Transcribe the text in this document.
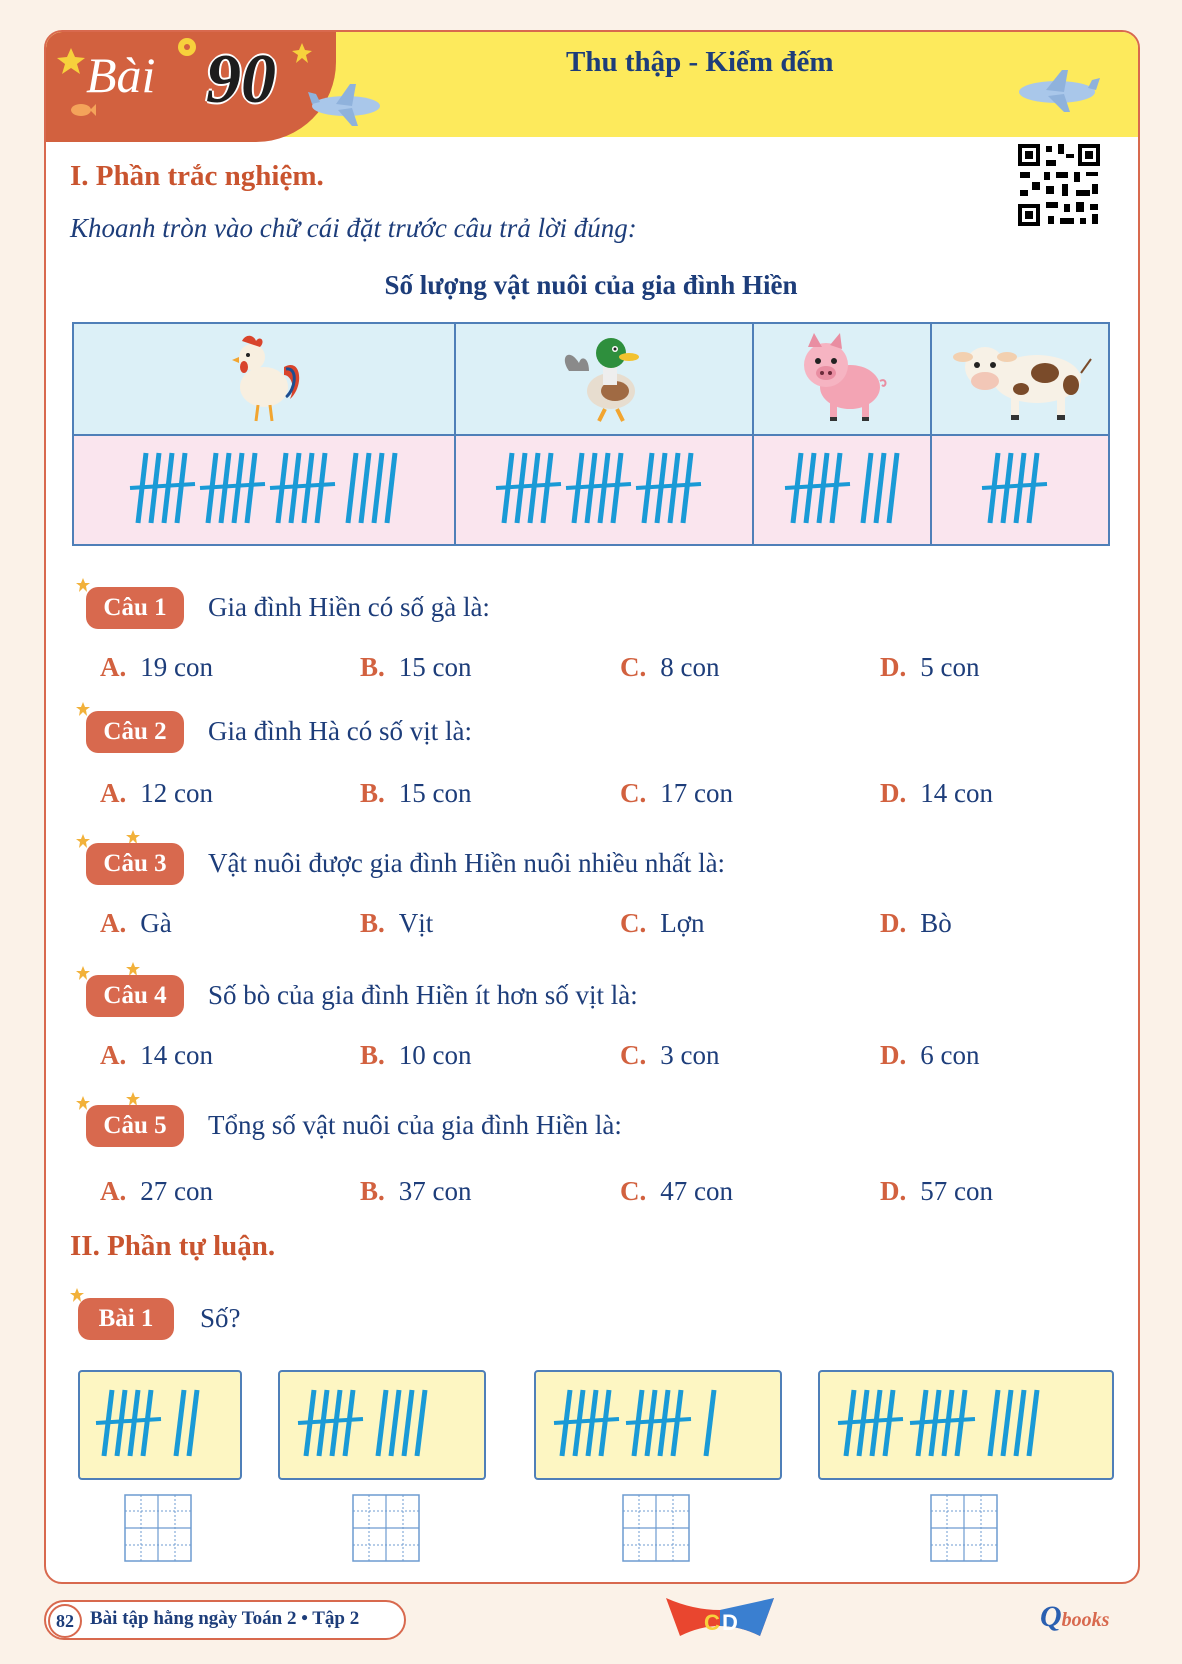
Bài 90	Thu thập - Kiểm đếm
I. Phần trắc nghiệm.
Khoanh tròn vào chữ cái đặt trước câu trả lời đúng:
Số lượng vật nuôi của gia đình Hiền

Câu 1	Gia đình Hiền có số gà là:
A. 19 con	B. 15 con	C. 8 con	D. 5 con
Câu 2	Gia đình Hà có số vịt là:
A. 12 con	B. 15 con	C. 17 con	D. 14 con
Câu 3	Vật nuôi được gia đình Hiền nuôi nhiều nhất là:
A. Gà	B. Vịt	C. Lợn	D. Bò
Câu 4	Số bò của gia đình Hiền ít hơn số vịt là:
A. 14 con	B. 10 con	C. 3 con	D. 6 con
Câu 5	Tổng số vật nuôi của gia đình Hiền là:
A. 27 con	B. 37 con	C. 47 con	D. 57 con
II. Phần tự luận.
Bài 1	Số?
82 Bài tập hằng ngày Toán 2 • Tập 2	C D	Qbooks
